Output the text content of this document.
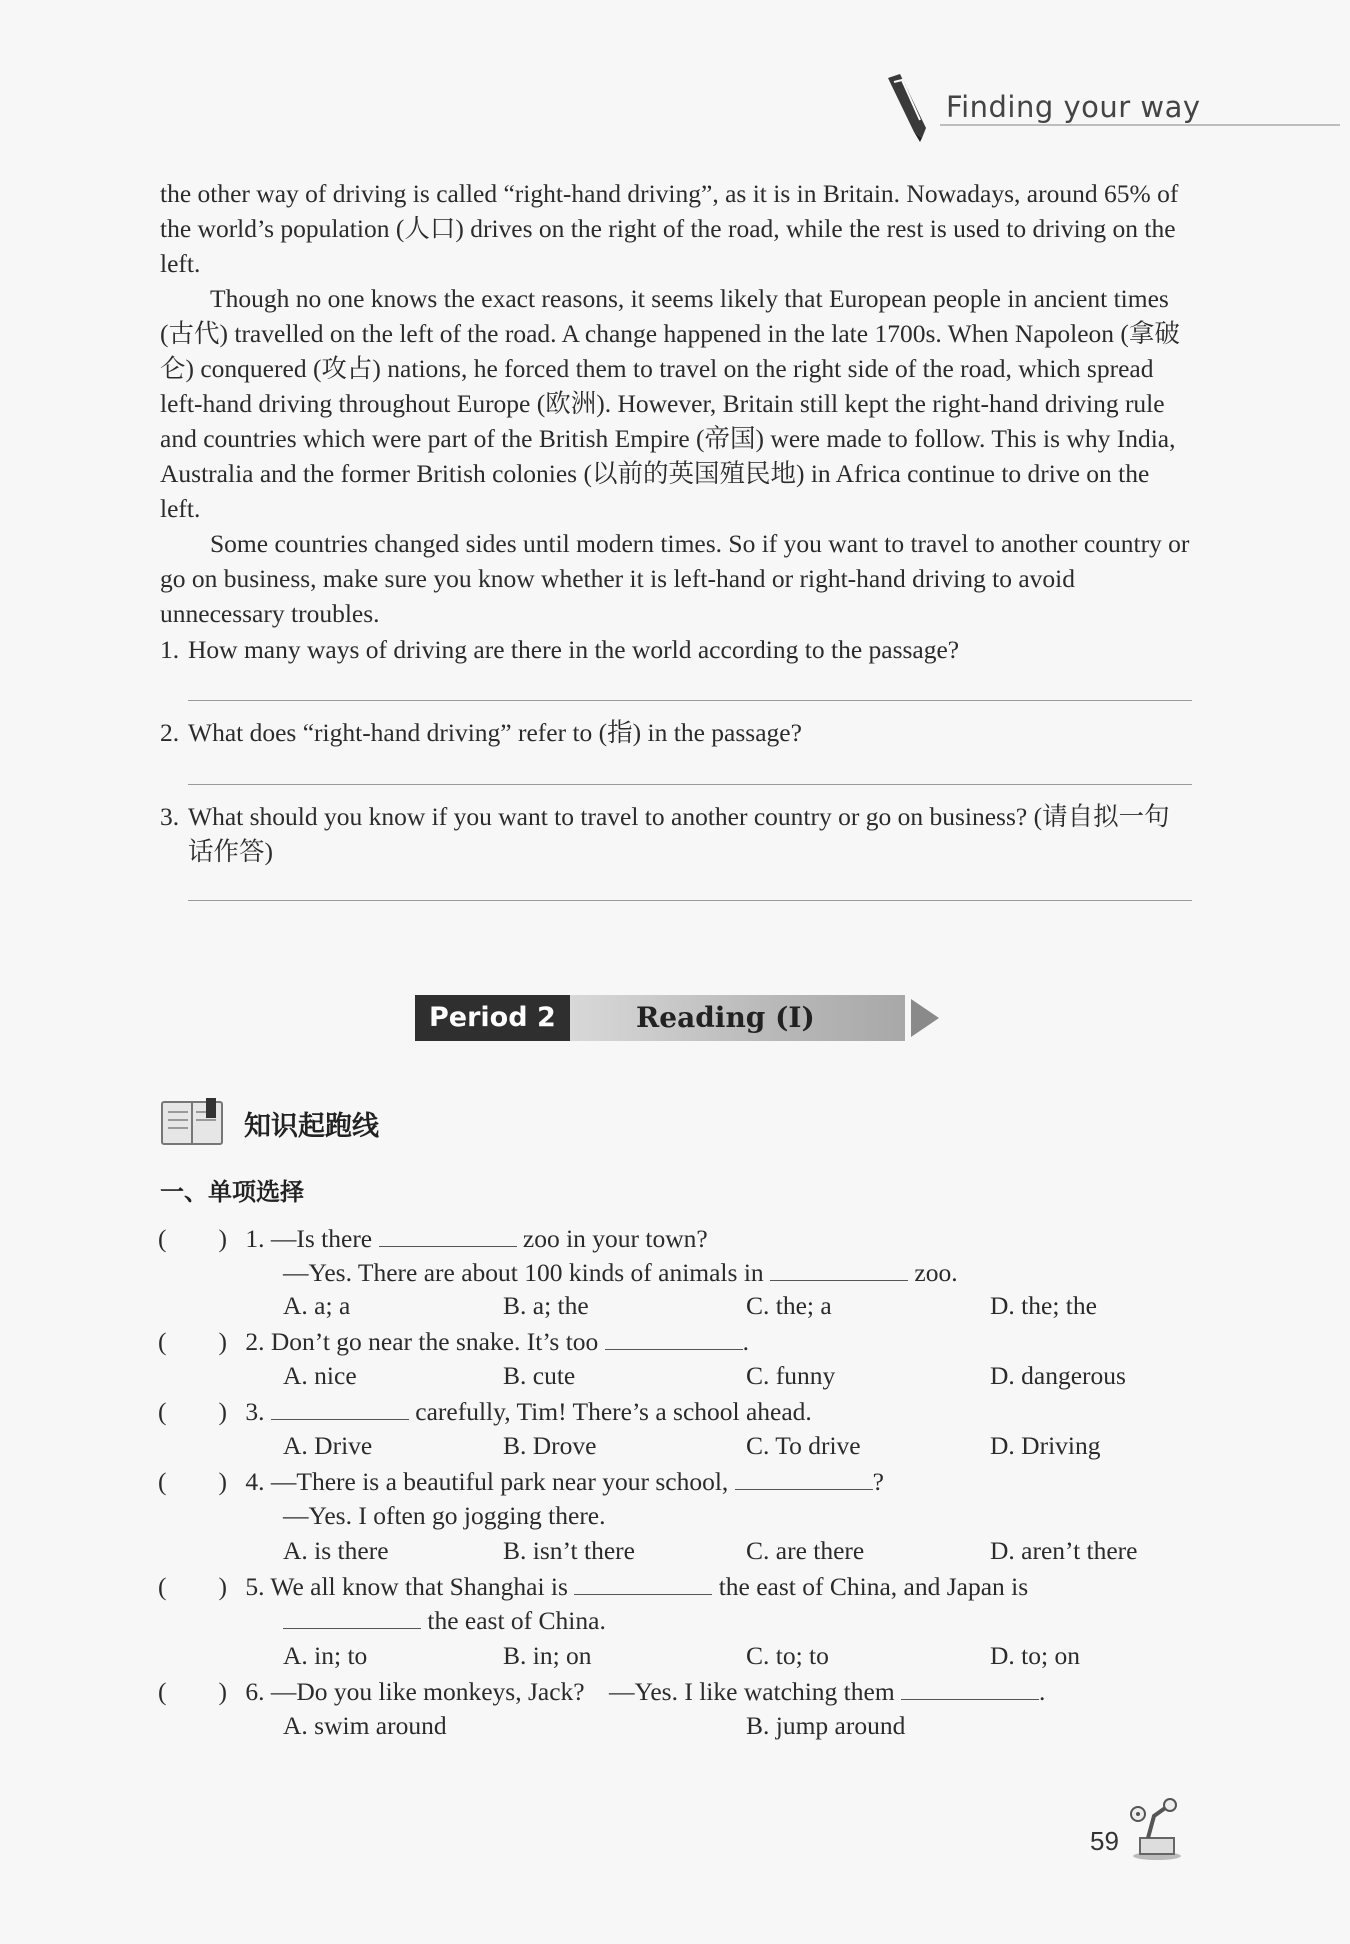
Finding your way

the other way of driving is called “right-hand driving”, as it is in Britain. Nowadays, around 65% of the world’s population (人口) drives on the right of the road, while the rest is used to driving on the left.

Though no one knows the exact reasons, it seems likely that European people in ancient times (古代) travelled on the left of the road. A change happened in the late 1700s. When Napoleon (拿破仑) conquered (攻占) nations, he forced them to travel on the right side of the road, which spread left-hand driving throughout Europe (欧洲). However, Britain still kept the right-hand driving rule and countries which were part of the British Empire (帝国) were made to follow. This is why India, Australia and the former British colonies (以前的英国殖民地) in Africa continue to drive on the left.

Some countries changed sides until modern times. So if you want to travel to another country or go on business, make sure you know whether it is left-hand or right-hand driving to avoid unnecessary troubles.

1. How many ways of driving are there in the world according to the passage?
2. What does “right-hand driving” refer to (指) in the passage?
3. What should you know if you want to travel to another country or go on business? (请自拟一句话作答)
Period 2	Reading (I)
知识起跑线
一、单项选择
( ) 1. —Is there	zoo in your town?
—Yes. There are about 100 kinds of animals in	zoo.
A. a; a	B. a; the	C. the; a	D. the; the
( ) 2. Don’t go near the snake. It’s too	.
A. nice	B. cute	C. funny	D. dangerous
( ) 3.	carefully, Tim! There’s a school ahead.
A. Drive	B. Drove	C. To drive	D. Driving
( ) 4. —There is a beautiful park near your school,	?
—Yes. I often go jogging there.
A. is there	B. isn’t there	C. are there	D. aren’t there
( ) 5. We all know that Shanghai is	the east of China, and Japan is
the east of China.
A. in; to	B. in; on	C. to; to	D. to; on
( ) 6. —Do you like monkeys, Jack? —Yes. I like watching them	.
A. swim around	B. jump around
59
